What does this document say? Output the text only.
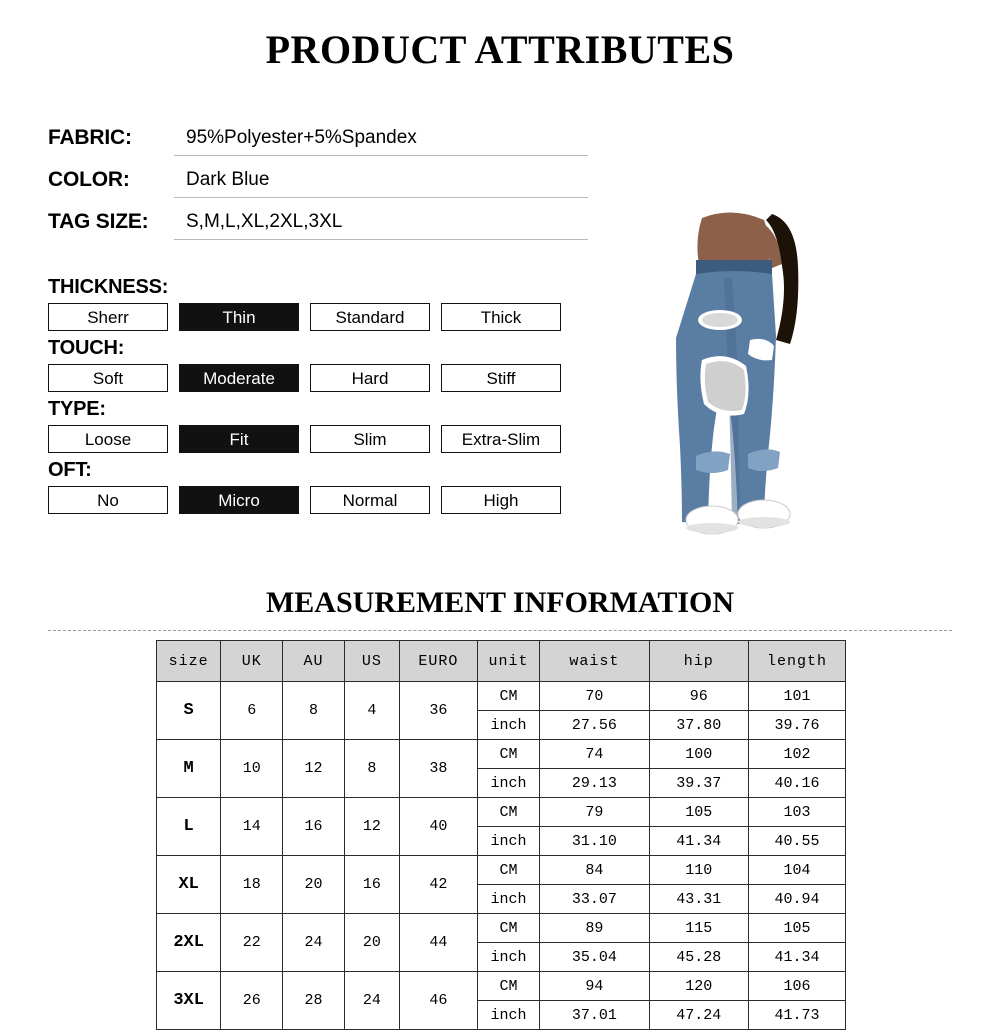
PRODUCT ATTRIBUTES
FABRIC:	95%Polyester+5%Spandex
COLOR:	Dark Blue
TAG SIZE:	S,M,L,XL,2XL,3XL
THICKNESS:
Sherr	Thin	Standard	Thick
TOUCH:
Soft	Moderate	Hard	Stiff
TYPE:
Loose	Fit	Slim	Extra-Slim
OFT:
No	Micro	Normal	High
MEASUREMENT INFORMATION
size	UK	AU	US	EURO	unit	waist	hip	length
S	6	8	4	36	CM	70	96	101
					inch	27.56	37.80	39.76
M	10	12	8	38	CM	74	100	102
					inch	29.13	39.37	40.16
L	14	16	12	40	CM	79	105	103
					inch	31.10	41.34	40.55
XL	18	20	16	42	CM	84	110	104
					inch	33.07	43.31	40.94
2XL	22	24	20	44	CM	89	115	105
					inch	35.04	45.28	41.34
3XL	26	28	24	46	CM	94	120	106
					inch	37.01	47.24	41.73
